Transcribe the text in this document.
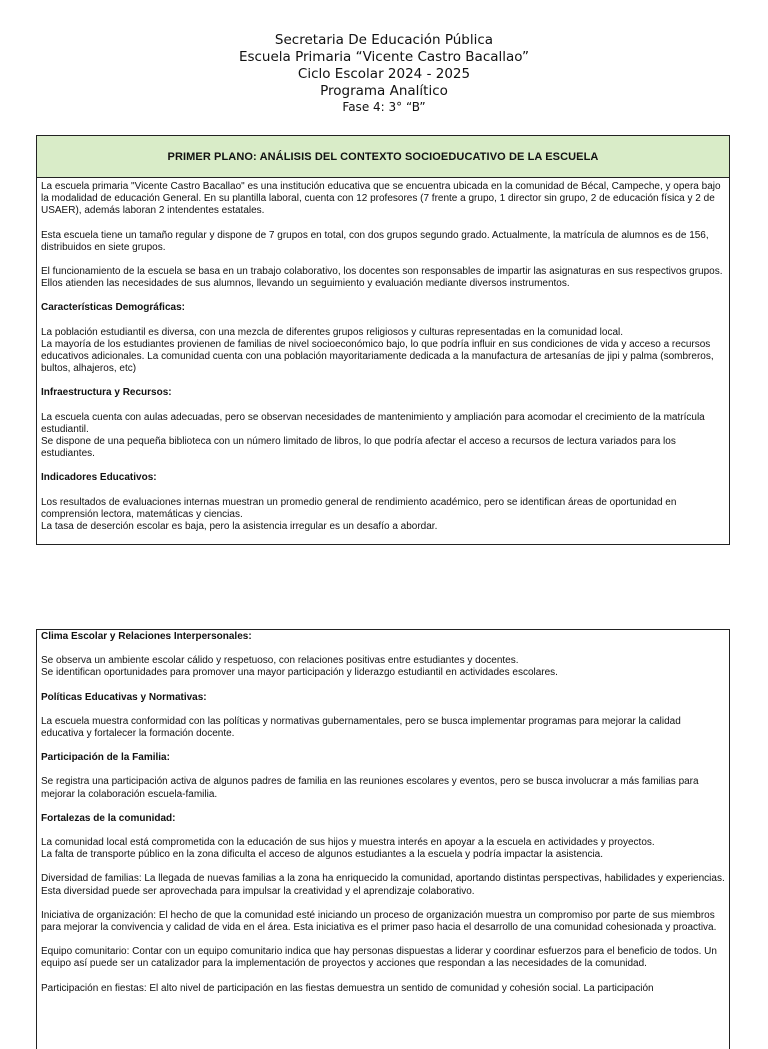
Secretaria De Educación Pública
Escuela Primaria “Vicente Castro Bacallao”
Ciclo Escolar 2024 - 2025
Programa Analítico
Fase 4: 3° “B”
PRIMER PLANO: ANÁLISIS DEL CONTEXTO SOCIOEDUCATIVO DE LA ESCUELA

La escuela primaria "Vicente Castro Bacallao" es una institución educativa que se encuentra ubicada en la comunidad de Bécal, Campeche, y opera bajo la modalidad de educación General. En su plantilla laboral, cuenta con 12 profesores (7 frente a grupo, 1 director sin grupo, 2 de educación física y 2 de USAER), además laboran 2 intendentes estatales.

Esta escuela tiene un tamaño regular y dispone de 7 grupos en total, con dos grupos segundo grado. Actualmente, la matrícula de alumnos es de 156, distribuidos en siete grupos.

El funcionamiento de la escuela se basa en un trabajo colaborativo, los docentes son responsables de impartir las asignaturas en sus respectivos grupos. Ellos atienden las necesidades de sus alumnos, llevando un seguimiento y evaluación mediante diversos instrumentos.

Características Demográficas:

La población estudiantil es diversa, con una mezcla de diferentes grupos religiosos y culturas representadas en la comunidad local.

La mayoría de los estudiantes provienen de familias de nivel socioeconómico bajo, lo que podría influir en sus condiciones de vida y acceso a recursos educativos adicionales. La comunidad cuenta con una población mayoritariamente dedicada a la manufactura de artesanías de jipi y palma (sombreros, bultos, alhajeros, etc)

Infraestructura y Recursos:

La escuela cuenta con aulas adecuadas, pero se observan necesidades de mantenimiento y ampliación para acomodar el crecimiento de la matrícula estudiantil.

Se dispone de una pequeña biblioteca con un número limitado de libros, lo que podría afectar el acceso a recursos de lectura variados para los estudiantes.

Indicadores Educativos:

Los resultados de evaluaciones internas muestran un promedio general de rendimiento académico, pero se identifican áreas de oportunidad en comprensión lectora, matemáticas y ciencias.

La tasa de deserción escolar es baja, pero la asistencia irregular es un desafío a abordar.

Clima Escolar y Relaciones Interpersonales:

Se observa un ambiente escolar cálido y respetuoso, con relaciones positivas entre estudiantes y docentes.

Se identifican oportunidades para promover una mayor participación y liderazgo estudiantil en actividades escolares.

Políticas Educativas y Normativas:

La escuela muestra conformidad con las políticas y normativas gubernamentales, pero se busca implementar programas para mejorar la calidad educativa y fortalecer la formación docente.

Participación de la Familia:

Se registra una participación activa de algunos padres de familia en las reuniones escolares y eventos, pero se busca involucrar a más familias para mejorar la colaboración escuela-familia.

Fortalezas de la comunidad:

La comunidad local está comprometida con la educación de sus hijos y muestra interés en apoyar a la escuela en actividades y proyectos.

La falta de transporte público en la zona dificulta el acceso de algunos estudiantes a la escuela y podría impactar la asistencia.

Diversidad de familias: La llegada de nuevas familias a la zona ha enriquecido la comunidad, aportando distintas perspectivas, habilidades y experiencias. Esta diversidad puede ser aprovechada para impulsar la creatividad y el aprendizaje colaborativo.

Iniciativa de organización: El hecho de que la comunidad esté iniciando un proceso de organización muestra un compromiso por parte de sus miembros para mejorar la convivencia y calidad de vida en el área. Esta iniciativa es el primer paso hacia el desarrollo de una comunidad cohesionada y proactiva.

Equipo comunitario: Contar con un equipo comunitario indica que hay personas dispuestas a liderar y coordinar esfuerzos para el beneficio de todos. Un equipo así puede ser un catalizador para la implementación de proyectos y acciones que respondan a las necesidades de la comunidad.

Participación en fiestas: El alto nivel de participación en las fiestas demuestra un sentido de comunidad y cohesión social. La participación
